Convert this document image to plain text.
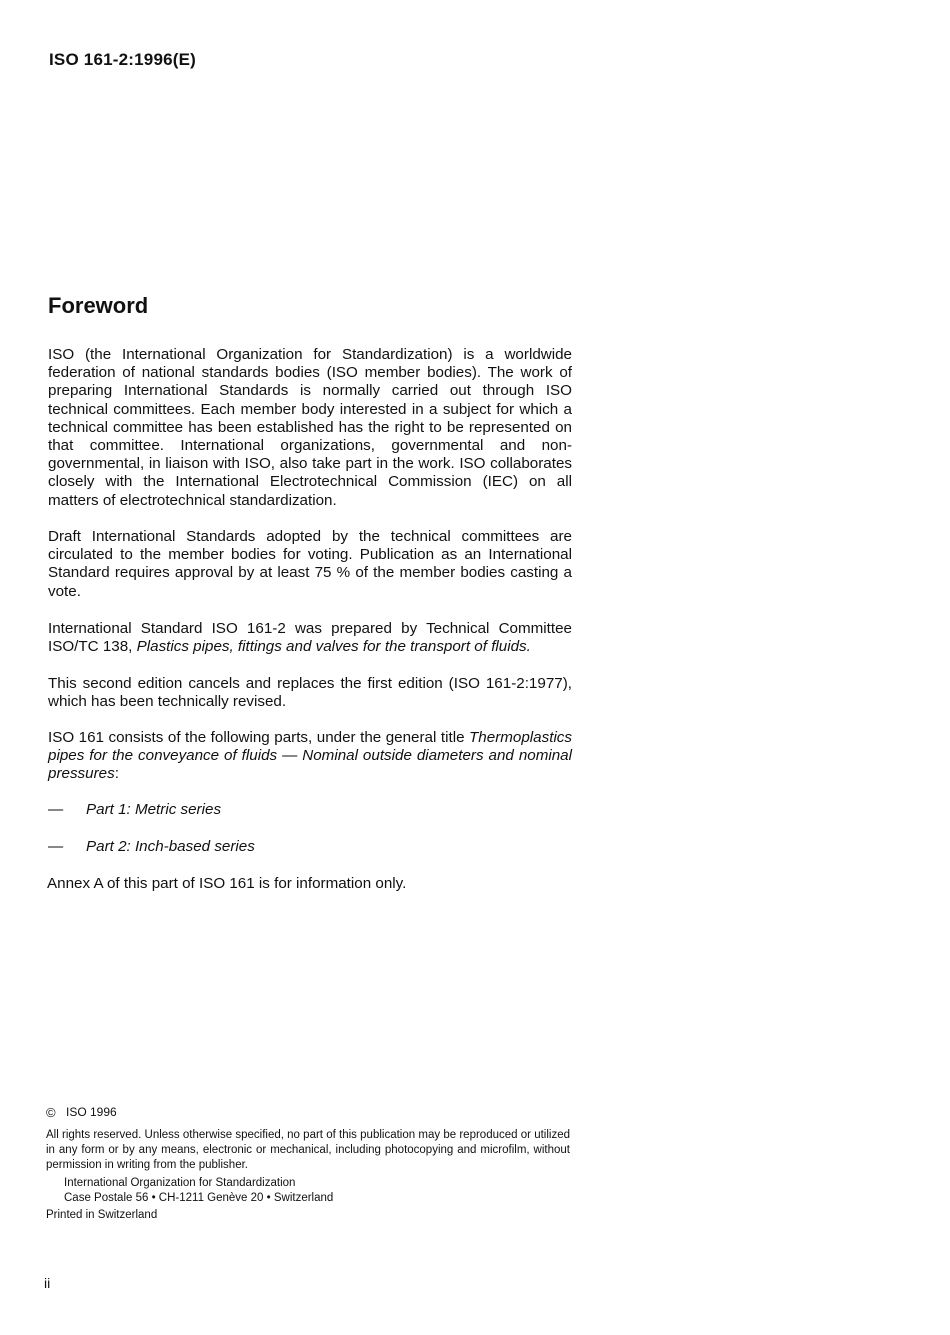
ISO 161-2:1996(E)
Foreword

ISO (the International Organization for Standardization) is a worldwide federation of national standards bodies (ISO member bodies). The work of preparing International Standards is normally carried out through ISO technical committees. Each member body interested in a subject for which a technical committee has been established has the right to be represented on that committee. International organizations, governmental and non-governmental, in liaison with ISO, also take part in the work. ISO collaborates closely with the International Electrotechnical Commission (IEC) on all matters of electrotechnical standardization.

Draft International Standards adopted by the technical committees are circulated to the member bodies for voting. Publication as an International Standard requires approval by at least 75 % of the member bodies casting a vote.

International Standard ISO 161-2 was prepared by Technical Committee ISO/TC 138, Plastics pipes, fittings and valves for the transport of fluids.

This second edition cancels and replaces the first edition (ISO 161-2:1977), which has been technically revised.

ISO 161 consists of the following parts, under the general title Thermoplastics pipes for the conveyance of fluids — Nominal outside diameters and nominal pressures:

—	Part 1: Metric series
—	Part 2: Inch-based series

Annex A of this part of ISO 161 is for information only.

© ISO 1996

All rights reserved. Unless otherwise specified, no part of this publication may be reproduced or utilized in any form or by any means, electronic or mechanical, including photocopying and microfilm, without permission in writing from the publisher.

International Organization for Standardization
Case Postale 56 • CH-1211 Genève 20 • Switzerland
Printed in Switzerland
ii
